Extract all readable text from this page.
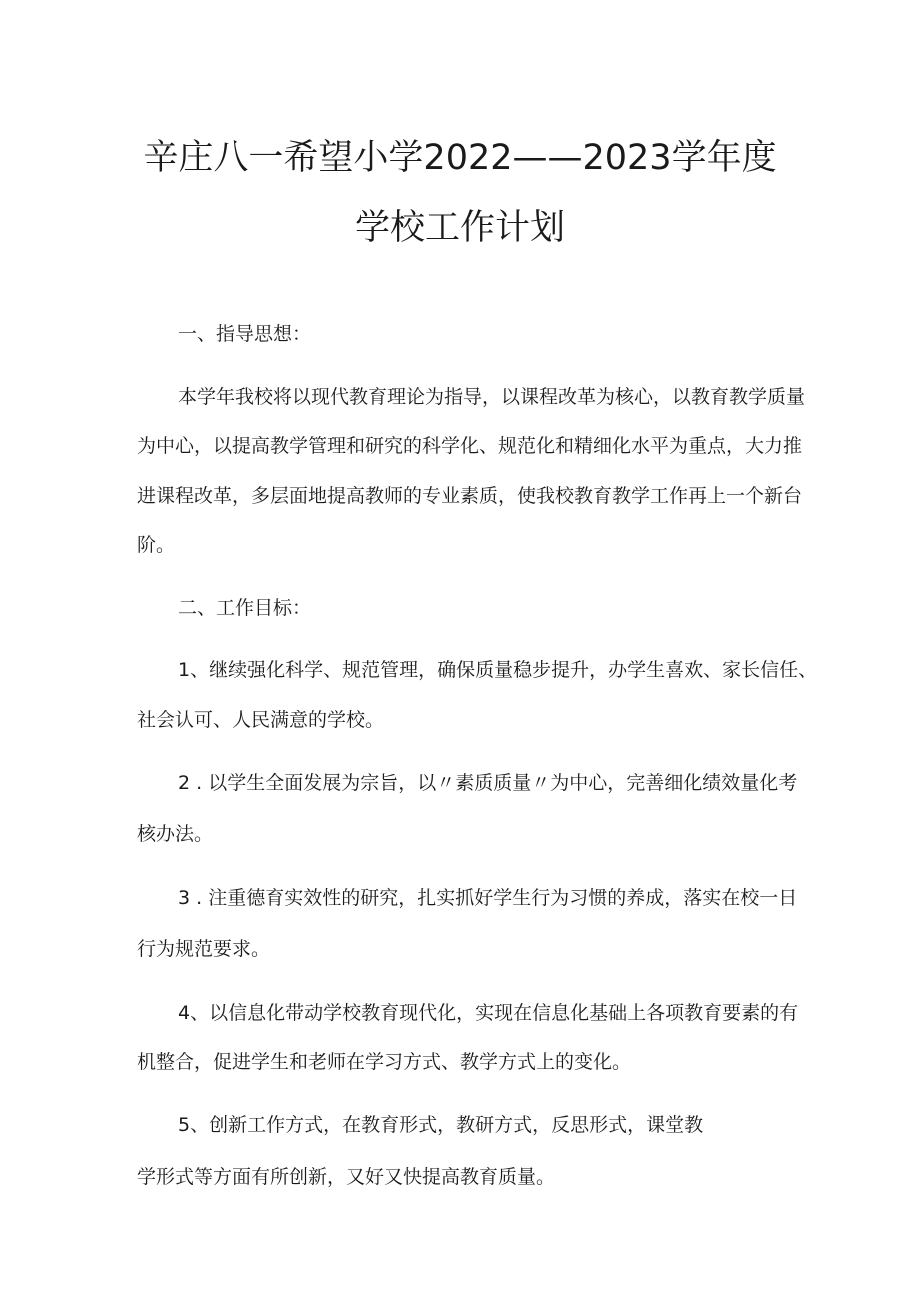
辛庄八一希望小学2022——2023学年度
学校工作计划
一、指导思想：
本学年我校将以现代教育理论为指导，以课程改革为核心，以教育教学质量
为中心，以提高教学管理和研究的科学化、规范化和精细化水平为重点，大力推
进课程改革，多层面地提高教师的专业素质，使我校教育教学工作再上一个新台
阶。
二、工作目标：
1、继续强化科学、规范管理，确保质量稳步提升，办学生喜欢、家长信任、
社会认可、人民满意的学校。
2 . 以学生全面发展为宗旨，以〃素质质量〃为中心，完善细化绩效量化考
核办法。
3 . 注重德育实效性的研究，扎实抓好学生行为习惯的养成，落实在校一日
行为规范要求。
4、以信息化带动学校教育现代化，实现在信息化基础上各项教育要素的有
机整合，促进学生和老师在学习方式、教学方式上的变化。
5、创新工作方式，在教育形式，教研方式，反思形式，课堂教
学形式等方面有所创新，又好又快提高教育质量。
